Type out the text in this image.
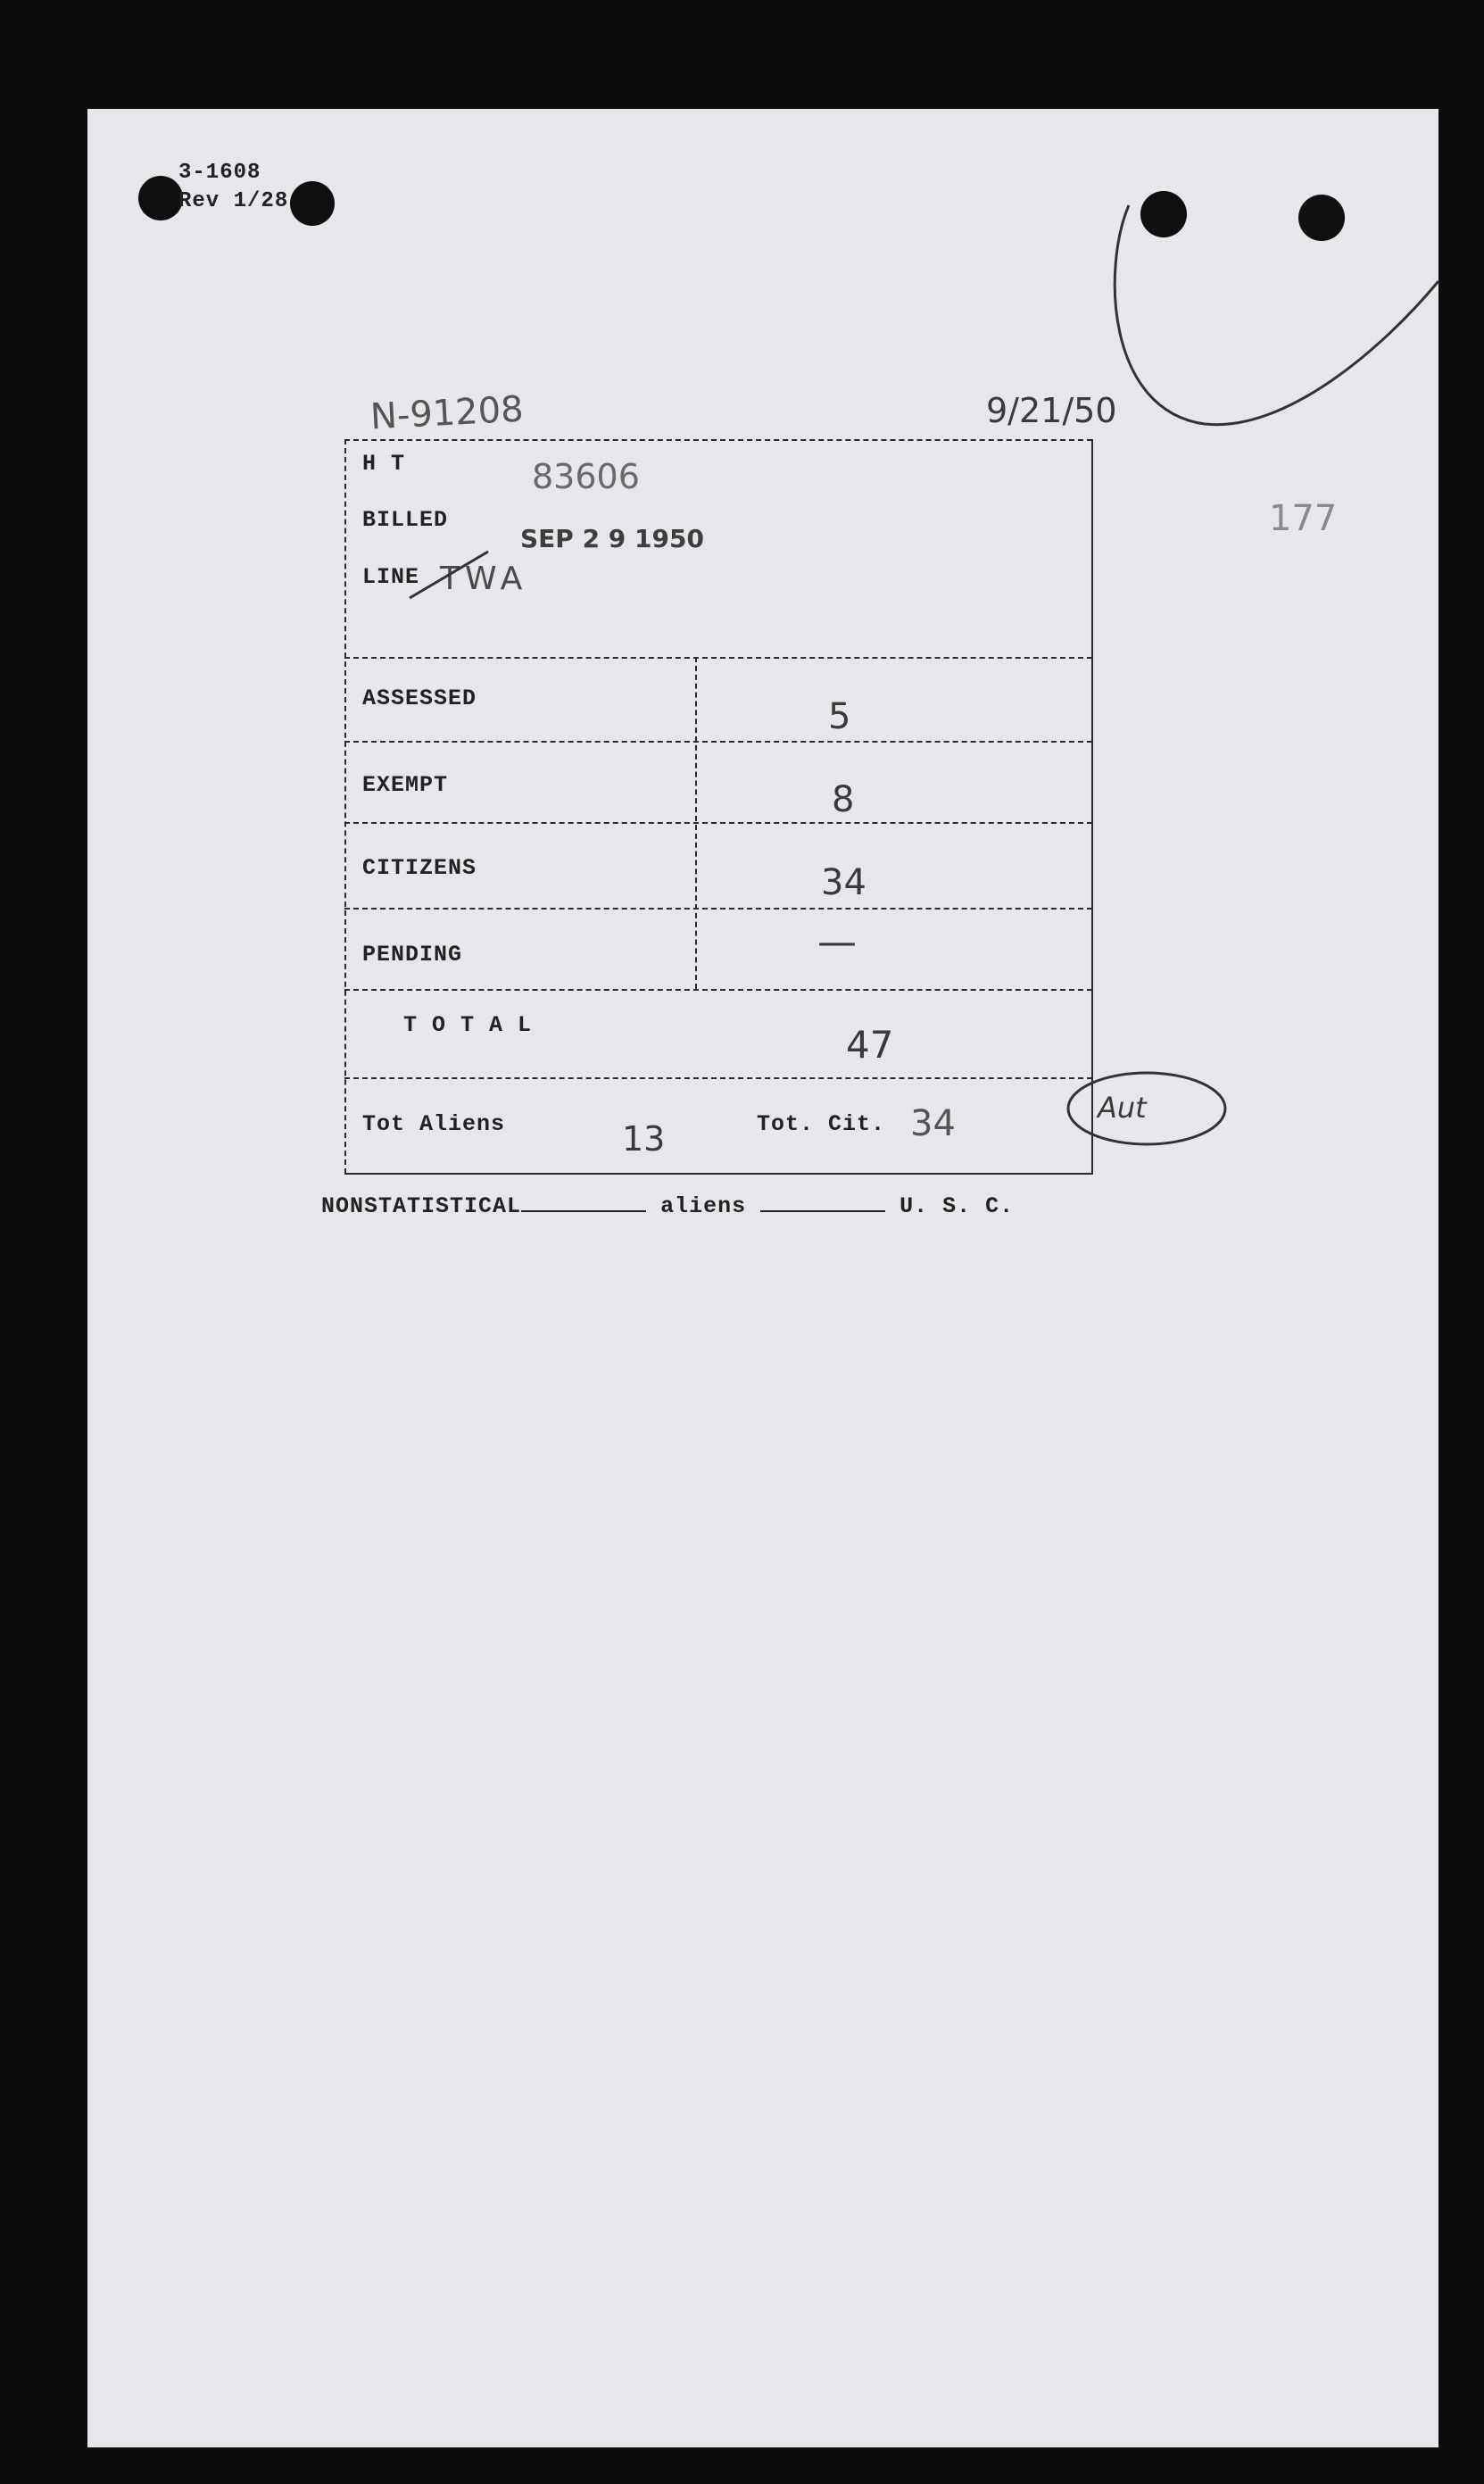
3-1608
Rev 1/28
N-91208	9/21/50
177
H T	83606
BILLED
SEP 2 9 1950
LINE TWA
ASSESSED	5
EXEMPT	8
CITIZENS	34
PENDING	—
T O T A L	47
Tot Aliens	13	Tot. Cit. 34	Aut
NONSTATISTICAL	aliens	U. S. C.
